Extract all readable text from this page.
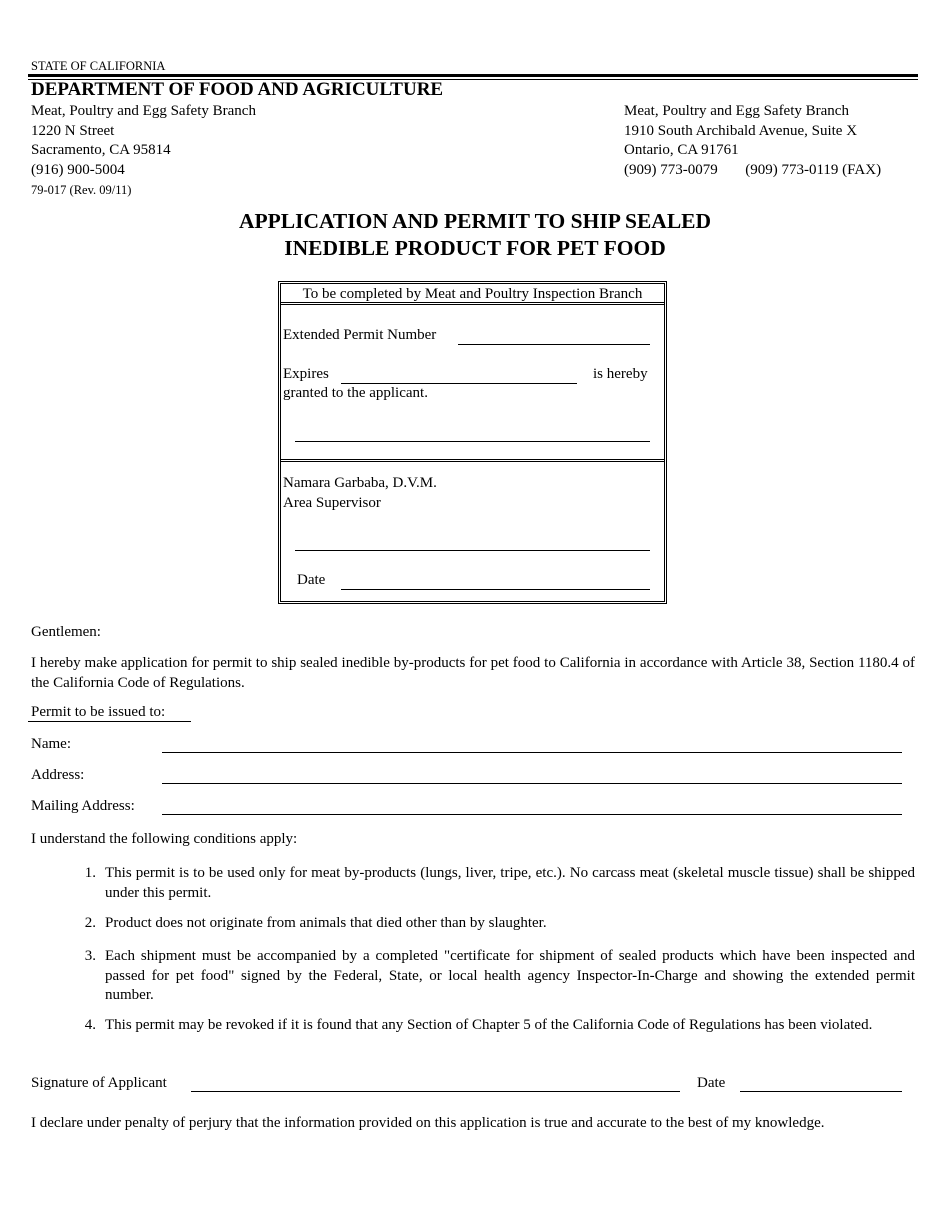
STATE OF CALIFORNIA
DEPARTMENT OF FOOD AND AGRICULTURE
Meat, Poultry and Egg Safety Branch
1220 N Street
Sacramento, CA 95814
(916) 900-5004
79-017 (Rev. 09/11)
Meat, Poultry and Egg Safety Branch
1910 South Archibald Avenue, Suite X
Ontario, CA 91761
(909) 773-0079 (909) 773-0119 (FAX)
APPLICATION AND PERMIT TO SHIP SEALED
INEDIBLE PRODUCT FOR PET FOOD
To be completed by Meat and Poultry Inspection Branch
Extended Permit Number
Expires	is hereby
granted to the applicant.
Namara Garbaba, D.V.M.
Area Supervisor
Date
Gentlemen:
I hereby make application for permit to ship sealed inedible by-products for pet food to California in accordance with Article 38, Section 1180.4 of the California Code of Regulations.
Permit to be issued to:
Name:
Address:
Mailing Address:
I understand the following conditions apply:
1. This permit is to be used only for meat by-products (lungs, liver, tripe, etc.). No carcass meat (skeletal muscle tissue) shall be shipped under this permit.
2. Product does not originate from animals that died other than by slaughter.
3. Each shipment must be accompanied by a completed "certificate for shipment of sealed products which have been inspected and passed for pet food" signed by the Federal, State, or local health agency Inspector-In-Charge and showing the extended permit number.
4. This permit may be revoked if it is found that any Section of Chapter 5 of the California Code of Regulations has been violated.
Signature of Applicant	Date
I declare under penalty of perjury that the information provided on this application is true and accurate to the best of my knowledge.
